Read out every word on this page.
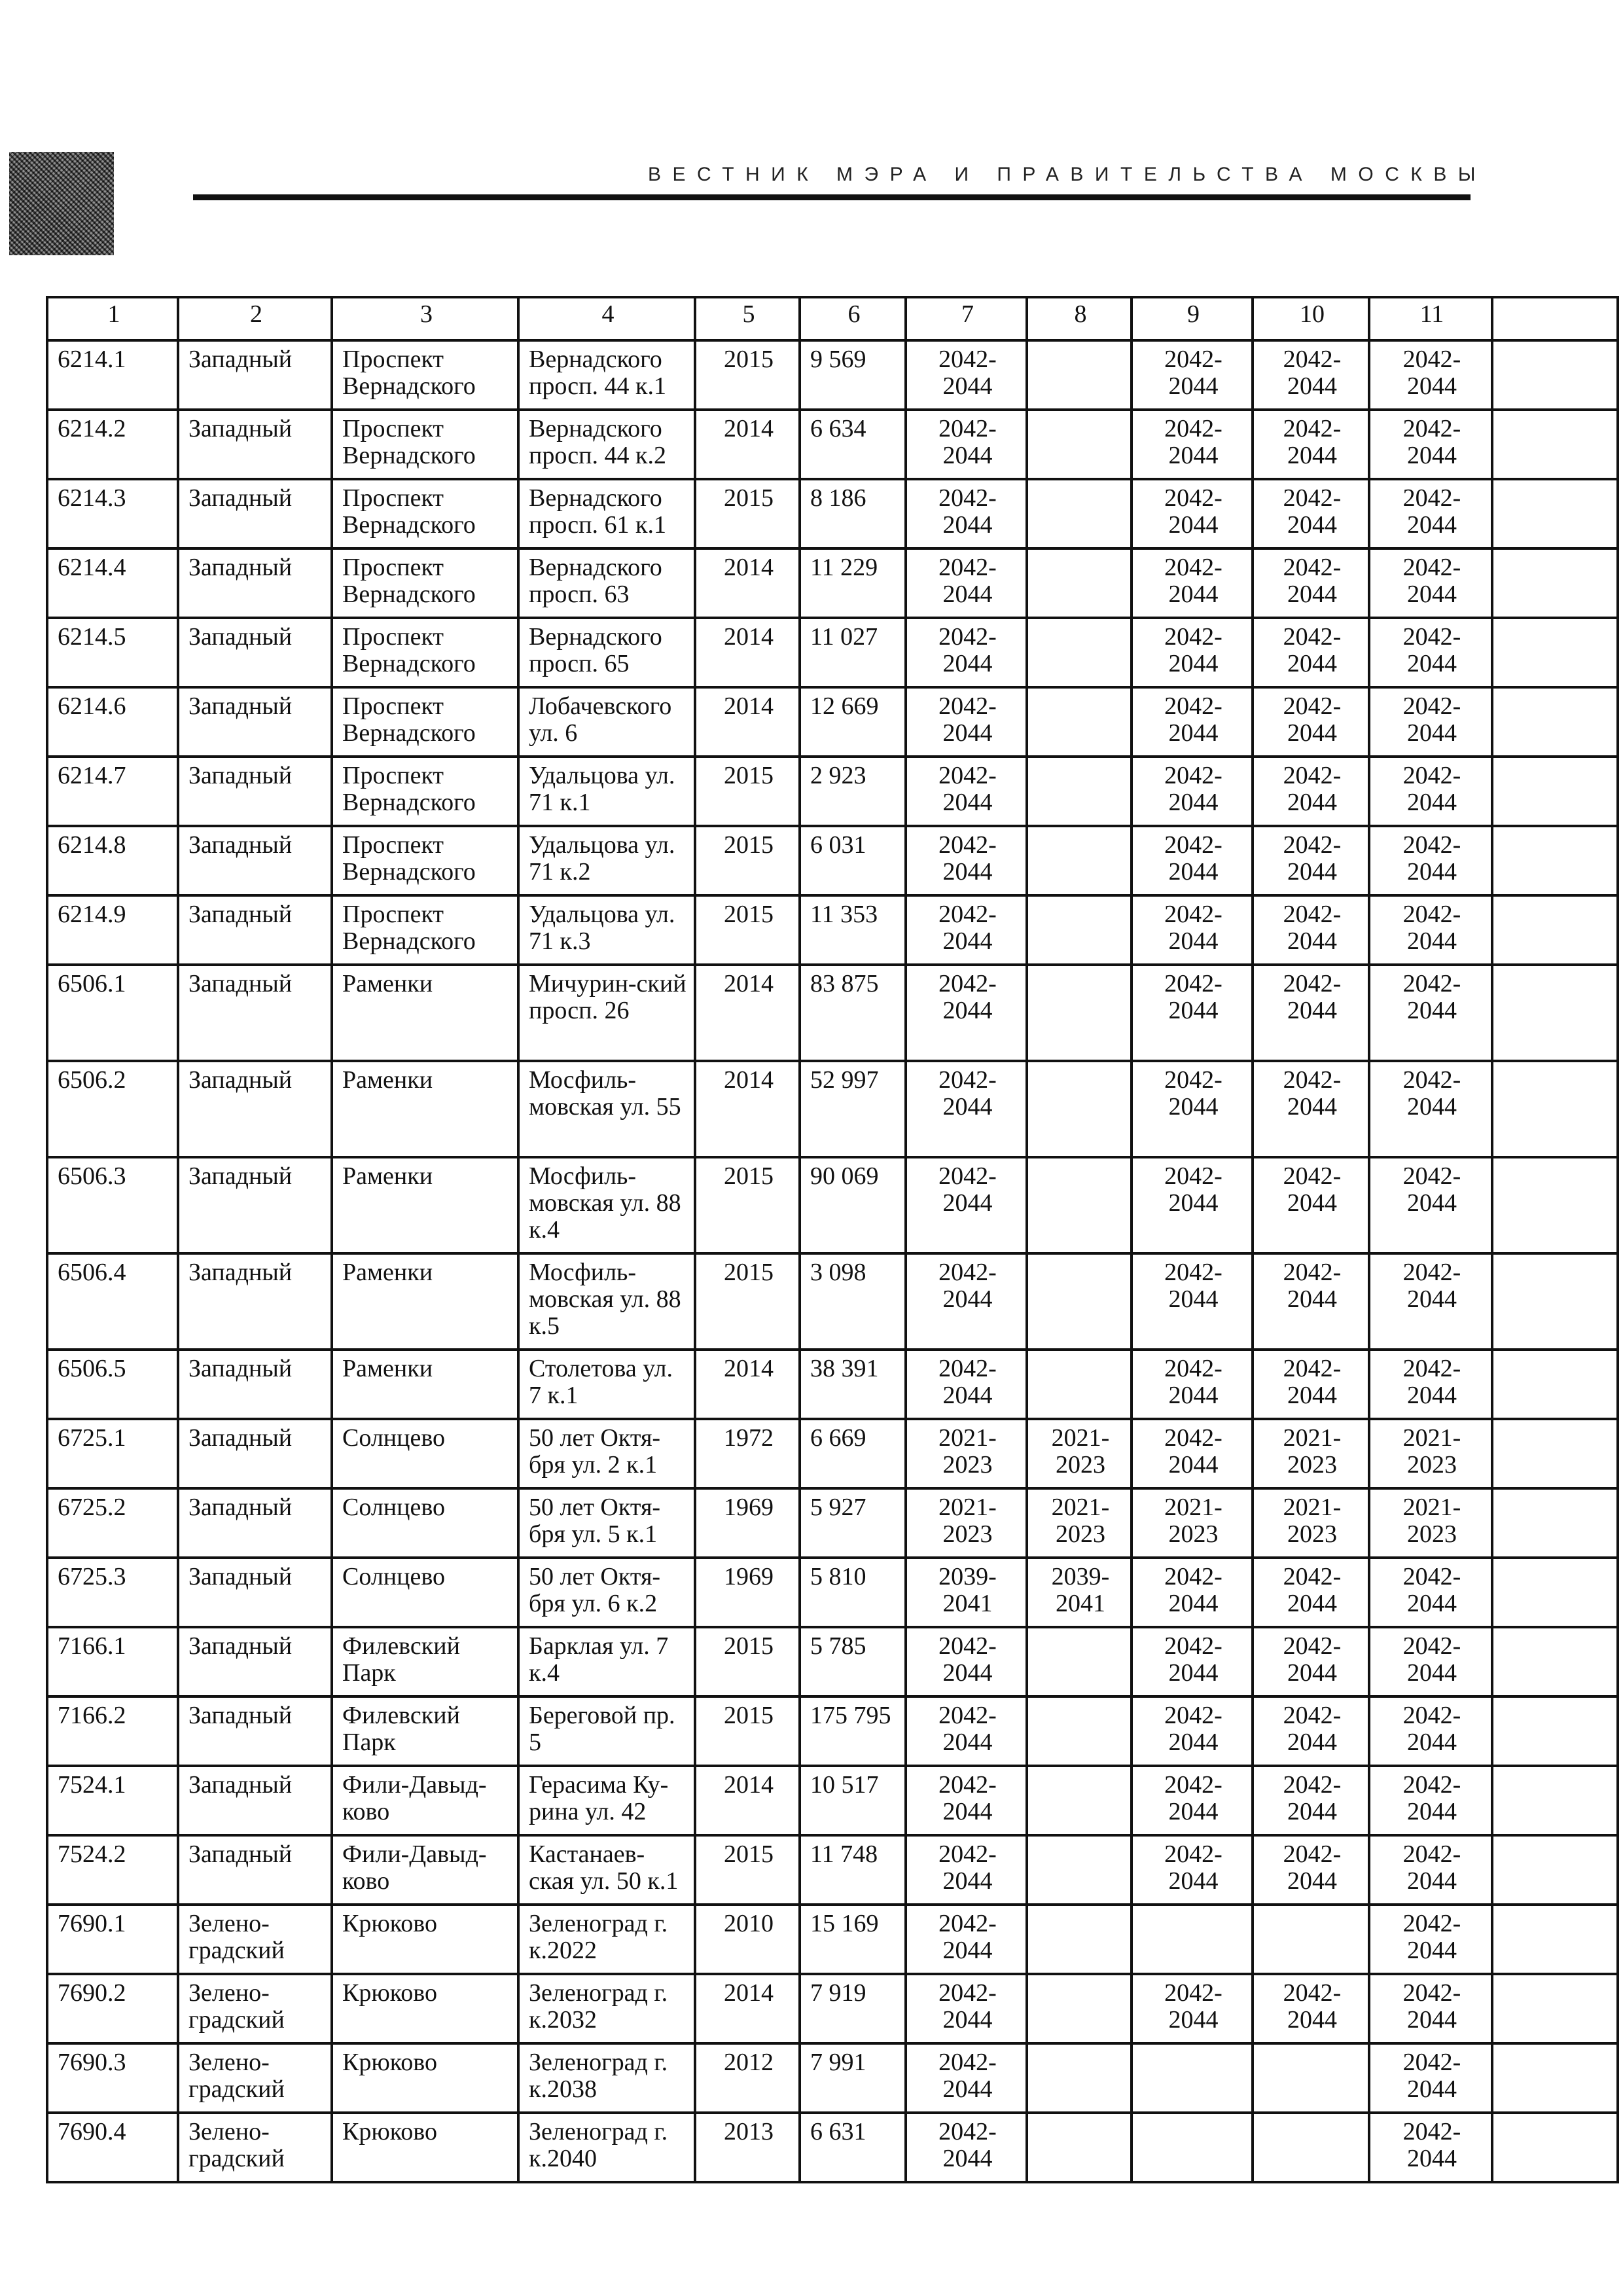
ВЕСТНИК МЭРА И ПРАВИТЕЛЬСТВА МОСКВЫ
1	2	3	4	5	6	7	8	9	10	11	
6214.1	Западный	Проспект Вернадского	Вернадского просп. 44 к.1	2015	9 569	2042-2044		2042-2044	2042-2044	2042-2044	
6214.2	Западный	Проспект Вернадского	Вернадского просп. 44 к.2	2014	6 634	2042-2044		2042-2044	2042-2044	2042-2044	
6214.3	Западный	Проспект Вернадского	Вернадского просп. 61 к.1	2015	8 186	2042-2044		2042-2044	2042-2044	2042-2044	
6214.4	Западный	Проспект Вернадского	Вернадского просп. 63	2014	11 229	2042-2044		2042-2044	2042-2044	2042-2044	
6214.5	Западный	Проспект Вернадского	Вернадского просп. 65	2014	11 027	2042-2044		2042-2044	2042-2044	2042-2044	
6214.6	Западный	Проспект Вернадского	Лобачевского ул. 6	2014	12 669	2042-2044		2042-2044	2042-2044	2042-2044	
6214.7	Западный	Проспект Вернадского	Удальцова ул. 71 к.1	2015	2 923	2042-2044		2042-2044	2042-2044	2042-2044	
6214.8	Западный	Проспект Вернадского	Удальцова ул. 71 к.2	2015	6 031	2042-2044		2042-2044	2042-2044	2042-2044	
6214.9	Западный	Проспект Вернадского	Удальцова ул. 71 к.3	2015	11 353	2042-2044		2042-2044	2042-2044	2042-2044	
6506.1	Западный	Раменки	Мичурин-ский просп. 26	2014	83 875	2042-2044		2042-2044	2042-2044	2042-2044	
6506.2	Западный	Раменки	Мосфиль-мовская ул. 55	2014	52 997	2042-2044		2042-2044	2042-2044	2042-2044	
6506.3	Западный	Раменки	Мосфиль-мовская ул. 88 к.4	2015	90 069	2042-2044		2042-2044	2042-2044	2042-2044	
6506.4	Западный	Раменки	Мосфиль-мовская ул. 88 к.5	2015	3 098	2042-2044		2042-2044	2042-2044	2042-2044	
6506.5	Западный	Раменки	Столетова ул. 7 к.1	2014	38 391	2042-2044		2042-2044	2042-2044	2042-2044	
6725.1	Западный	Солнцево	50 лет Октя-бря ул. 2 к.1	1972	6 669	2021-2023	2021-2023	2042-2044	2021-2023	2021-2023	
6725.2	Западный	Солнцево	50 лет Октя-бря ул. 5 к.1	1969	5 927	2021-2023	2021-2023	2021-2023	2021-2023	2021-2023	
6725.3	Западный	Солнцево	50 лет Октя-бря ул. 6 к.2	1969	5 810	2039-2041	2039-2041	2042-2044	2042-2044	2042-2044	
7166.1	Западный	Филевский Парк	Барклая ул. 7 к.4	2015	5 785	2042-2044		2042-2044	2042-2044	2042-2044	
7166.2	Западный	Филевский Парк	Береговой пр. 5	2015	175 795	2042-2044		2042-2044	2042-2044	2042-2044	
7524.1	Западный	Фили-Давыд-ково	Герасима Ку-рина ул. 42	2014	10 517	2042-2044		2042-2044	2042-2044	2042-2044	
7524.2	Западный	Фили-Давыд-ково	Кастанаев-ская ул. 50 к.1	2015	11 748	2042-2044		2042-2044	2042-2044	2042-2044	
7690.1	Зелено-градский	Крюково	Зеленоград г. к.2022	2010	15 169	2042-2044				2042-2044	
7690.2	Зелено-градский	Крюково	Зеленоград г. к.2032	2014	7 919	2042-2044		2042-2044	2042-2044	2042-2044	
7690.3	Зелено-градский	Крюково	Зеленоград г. к.2038	2012	7 991	2042-2044				2042-2044	
7690.4	Зелено-градский	Крюково	Зеленоград г. к.2040	2013	6 631	2042-2044				2042-2044	
